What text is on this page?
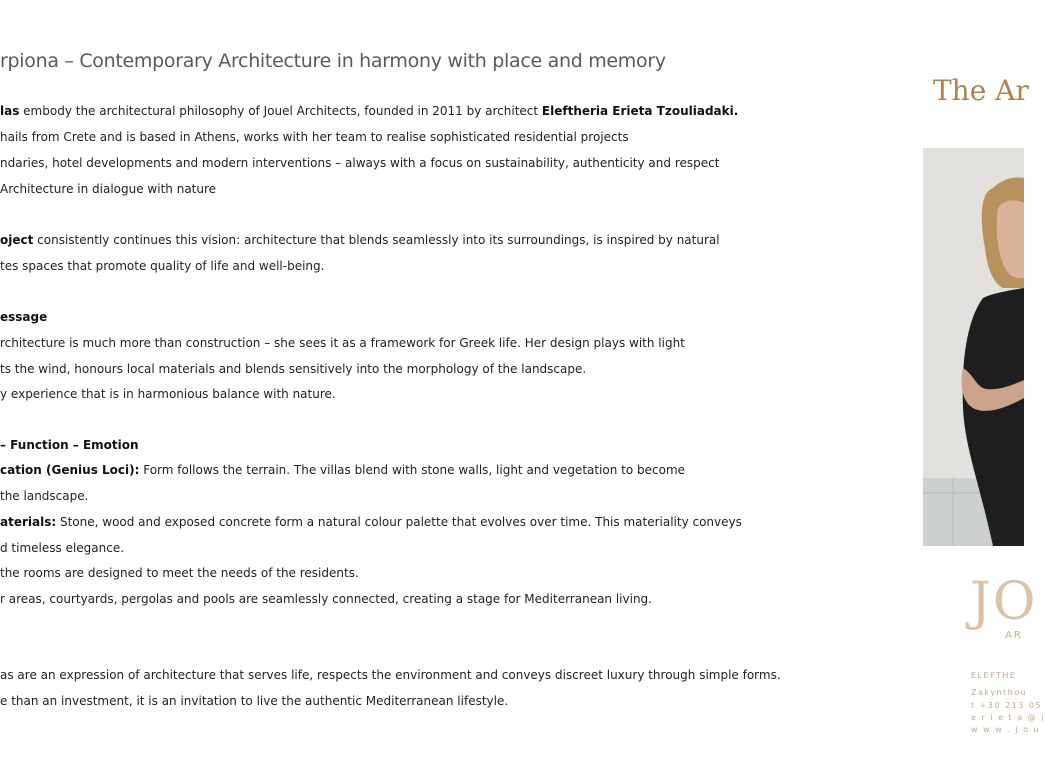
rpiona – Contemporary Architecture in harmony with place and memory
las embody the architectural philosophy of Jouel Architects, founded in 2011 by architect Eleftheria Erieta Tzouliadaki.
hails from Crete and is based in Athens, works with her team to realise sophisticated residential projects
ndaries, hotel developments and modern interventions – always with a focus on sustainability, authenticity and respect
Architecture in dialogue with nature
oject consistently continues this vision: architecture that blends seamlessly into its surroundings, is inspired by natural
tes spaces that promote quality of life and well-being.
essage
rchitecture is much more than construction – she sees it as a framework for Greek life. Her design plays with light
ts the wind, honours local materials and blends sensitively into the morphology of the landscape.
y experience that is in harmonious balance with nature.
– Function – Emotion
cation (Genius Loci): Form follows the terrain. The villas blend with stone walls, light and vegetation to become
the landscape.
aterials: Stone, wood and exposed concrete form a natural colour palette that evolves over time. This materiality conveys
d timeless elegance.
the rooms are designed to meet the needs of the residents.
r areas, courtyards, pergolas and pools are seamlessly connected, creating a stage for Mediterranean living.
as are an expression of architecture that serves life, respects the environment and conveys discreet luxury through simple forms.
e than an investment, it is an invitation to live the authentic Mediterranean lifestyle.
The Ar
JO
AR
ELEFTHE
Zakynthou
t +30 213 05
e r i e t a @ j
w w w . j o u
